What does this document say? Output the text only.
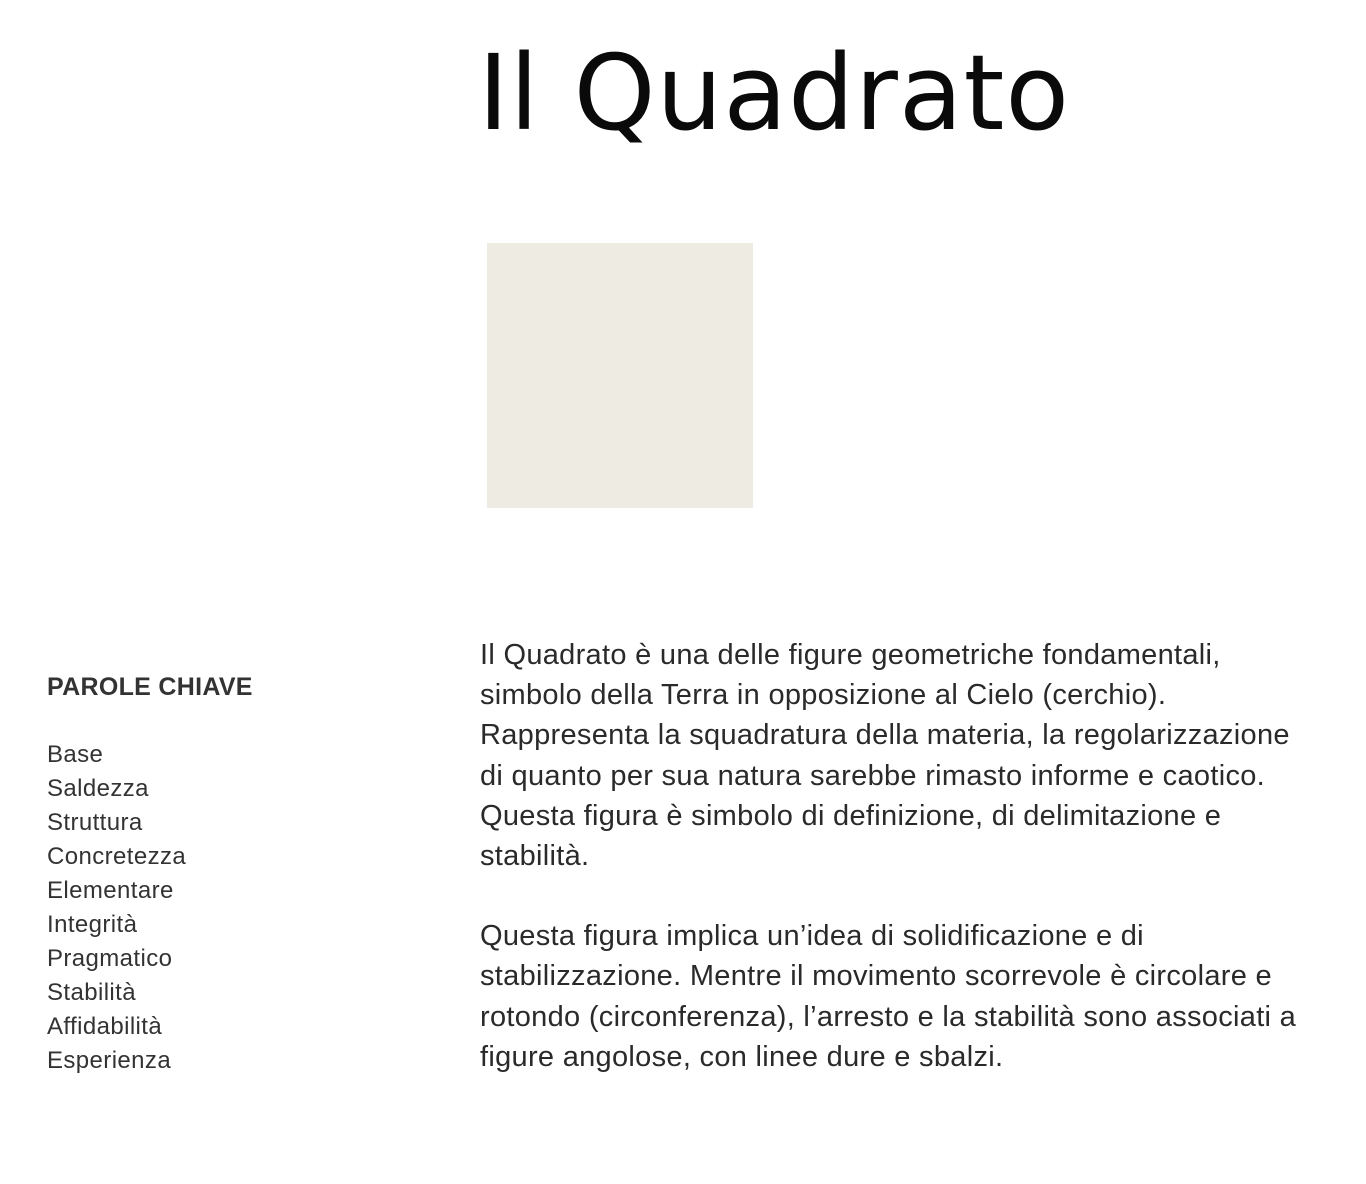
Il Quadrato
PAROLE CHIAVE
Base
Saldezza
Struttura
Concretezza
Elementare
Integrità
Pragmatico
Stabilità
Affidabilità
Esperienza

Il Quadrato è una delle figure geometriche fondamentali, simbolo della Terra in opposizione al Cielo (cerchio). Rappresenta la squadratura della materia, la regolarizzazione di quanto per sua natura sarebbe rimasto informe e caotico. Questa figura è simbolo di definizione, di delimitazione e stabilità.

Questa figura implica un’idea di solidificazione e di stabilizzazione. Mentre il movimento scorrevole è circolare e rotondo (circonferenza), l’arresto e la stabilità sono associati a figure angolose, con linee dure e sbalzi.
